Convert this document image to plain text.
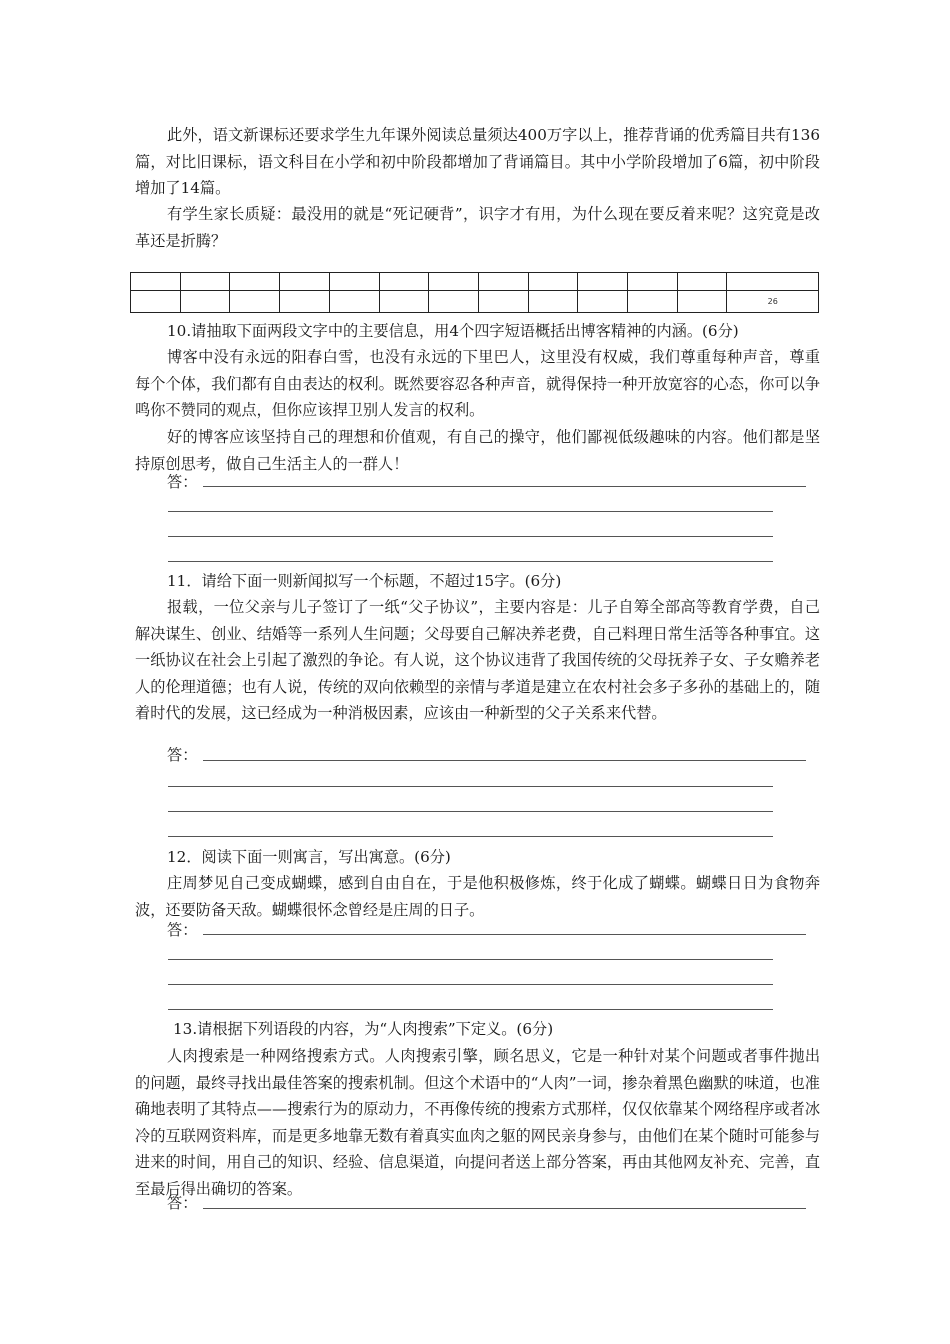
此外，语文新课标还要求学生九年课外阅读总量须达400万字以上，推荐背诵的优秀篇目共有136篇，对比旧课标，语文科目在小学和初中阶段都增加了背诵篇目。其中小学阶段增加了6篇，初中阶段增加了14篇。

有学生家长质疑：最没用的就是“死记硬背”，识字才有用，为什么现在要反着来呢？这究竟是改革还是折腾？

												26

10.请抽取下面两段文字中的主要信息，用4个四字短语概括出博客精神的内涵。(6分)

博客中没有永远的阳春白雪，也没有永远的下里巴人，这里没有权威，我们尊重每种声音，尊重每个个体，我们都有自由表达的权利。既然要容忍各种声音，就得保持一种开放宽容的心态，你可以争鸣你不赞同的观点，但你应该捍卫别人发言的权利。

好的博客应该坚持自己的理想和价值观，有自己的操守，他们鄙视低级趣味的内容。他们都是坚持原创思考，做自己生活主人的一群人！

答：

11．请给下面一则新闻拟写一个标题，不超过15字。(6分)

报载，一位父亲与儿子签订了一纸“父子协议”，主要内容是：儿子自筹全部高等教育学费，自己解决谋生、创业、结婚等一系列人生问题；父母要自己解决养老费，自己料理日常生活等各种事宜。这一纸协议在社会上引起了激烈的争论。有人说，这个协议违背了我国传统的父母抚养子女、子女赡养老人的伦理道德；也有人说，传统的双向依赖型的亲情与孝道是建立在农村社会多子多孙的基础上的，随着时代的发展，这已经成为一种消极因素，应该由一种新型的父子关系来代替。

答：

12．阅读下面一则寓言，写出寓意。(6分)

庄周梦见自己变成蝴蝶，感到自由自在，于是他积极修炼，终于化成了蝴蝶。蝴蝶日日为食物奔波，还要防备天敌。蝴蝶很怀念曾经是庄周的日子。

答：

13.请根据下列语段的内容，为“人肉搜索”下定义。(6分)

人肉搜索是一种网络搜索方式。人肉搜索引擎，顾名思义，它是一种针对某个问题或者事件抛出的问题，最终寻找出最佳答案的搜索机制。但这个术语中的“人肉”一词，掺杂着黑色幽默的味道，也准确地表明了其特点——搜索行为的原动力，不再像传统的搜索方式那样，仅仅依靠某个网络程序或者冰冷的互联网资料库，而是更多地靠无数有着真实血肉之躯的网民亲身参与，由他们在某个随时可能参与进来的时间，用自己的知识、经验、信息渠道，向提问者送上部分答案，再由其他网友补充、完善，直至最后得出确切的答案。

答：
